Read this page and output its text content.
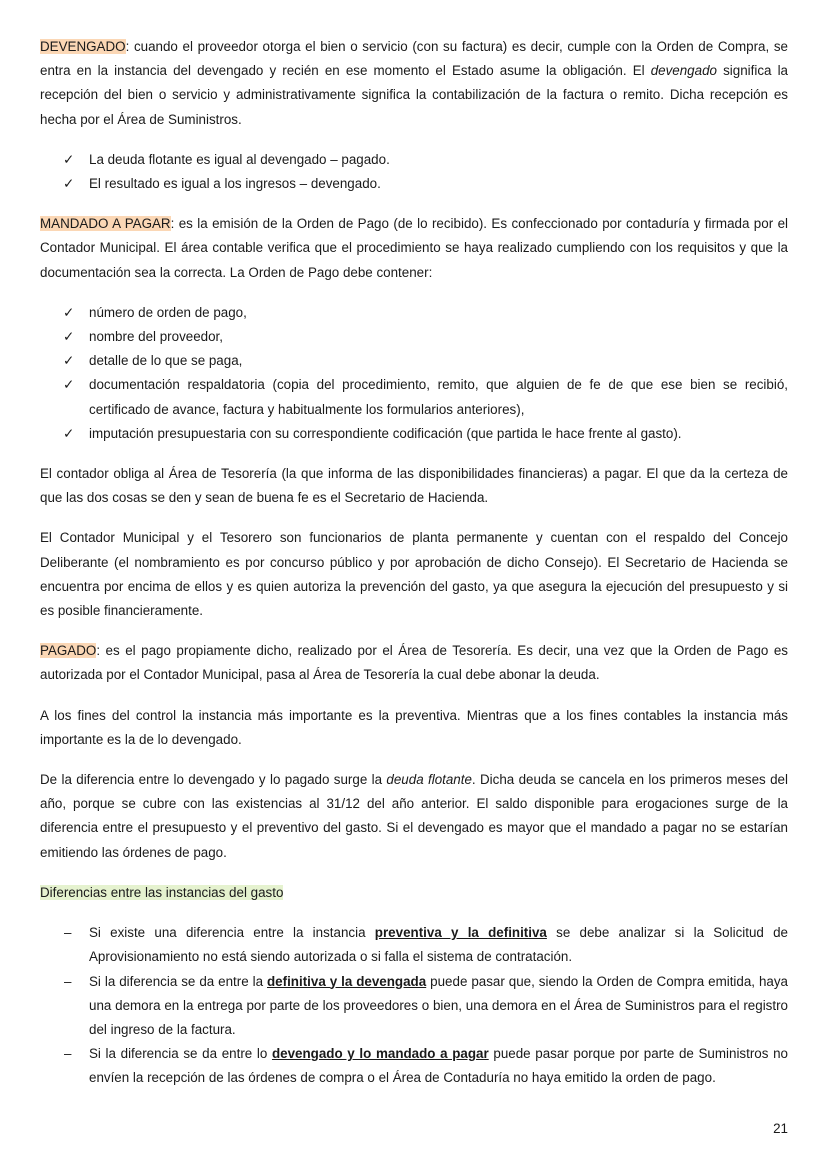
DEVENGADO: cuando el proveedor otorga el bien o servicio (con su factura) es decir, cumple con la Orden de Compra, se entra en la instancia del devengado y recién en ese momento el Estado asume la obligación. El devengado significa la recepción del bien o servicio y administrativamente significa la contabilización de la factura o remito. Dicha recepción es hecha por el Área de Suministros.

✓ La deuda flotante es igual al devengado – pagado.
✓ El resultado es igual a los ingresos – devengado.

MANDADO A PAGAR: es la emisión de la Orden de Pago (de lo recibido). Es confeccionado por contaduría y firmada por el Contador Municipal. El área contable verifica que el procedimiento se haya realizado cumpliendo con los requisitos y que la documentación sea la correcta. La Orden de Pago debe contener:

✓ número de orden de pago,
✓ nombre del proveedor,
✓ detalle de lo que se paga,
✓ documentación respaldatoria (copia del procedimiento, remito, que alguien de fe de que ese bien se recibió, certificado de avance, factura y habitualmente los formularios anteriores),
✓ imputación presupuestaria con su correspondiente codificación (que partida le hace frente al gasto).

El contador obliga al Área de Tesorería (la que informa de las disponibilidades financieras) a pagar. El que da la certeza de que las dos cosas se den y sean de buena fe es el Secretario de Hacienda.

El Contador Municipal y el Tesorero son funcionarios de planta permanente y cuentan con el respaldo del Concejo Deliberante (el nombramiento es por concurso público y por aprobación de dicho Consejo). El Secretario de Hacienda se encuentra por encima de ellos y es quien autoriza la prevención del gasto, ya que asegura la ejecución del presupuesto y si es posible financieramente.

PAGADO: es el pago propiamente dicho, realizado por el Área de Tesorería. Es decir, una vez que la Orden de Pago es autorizada por el Contador Municipal, pasa al Área de Tesorería la cual debe abonar la deuda.

A los fines del control la instancia más importante es la preventiva. Mientras que a los fines contables la instancia más importante es la de lo devengado.

De la diferencia entre lo devengado y lo pagado surge la deuda flotante. Dicha deuda se cancela en los primeros meses del año, porque se cubre con las existencias al 31/12 del año anterior. El saldo disponible para erogaciones surge de la diferencia entre el presupuesto y el preventivo del gasto. Si el devengado es mayor que el mandado a pagar no se estarían emitiendo las órdenes de pago.

Diferencias entre las instancias del gasto
– Si existe una diferencia entre la instancia preventiva y la definitiva se debe analizar si la Solicitud de Aprovisionamiento no está siendo autorizada o si falla el sistema de contratación.
– Si la diferencia se da entre la definitiva y la devengada puede pasar que, siendo la Orden de Compra emitida, haya una demora en la entrega por parte de los proveedores o bien, una demora en el Área de Suministros para el registro del ingreso de la factura.
– Si la diferencia se da entre lo devengado y lo mandado a pagar puede pasar porque por parte de Suministros no envíen la recepción de las órdenes de compra o el Área de Contaduría no haya emitido la orden de pago.
21
